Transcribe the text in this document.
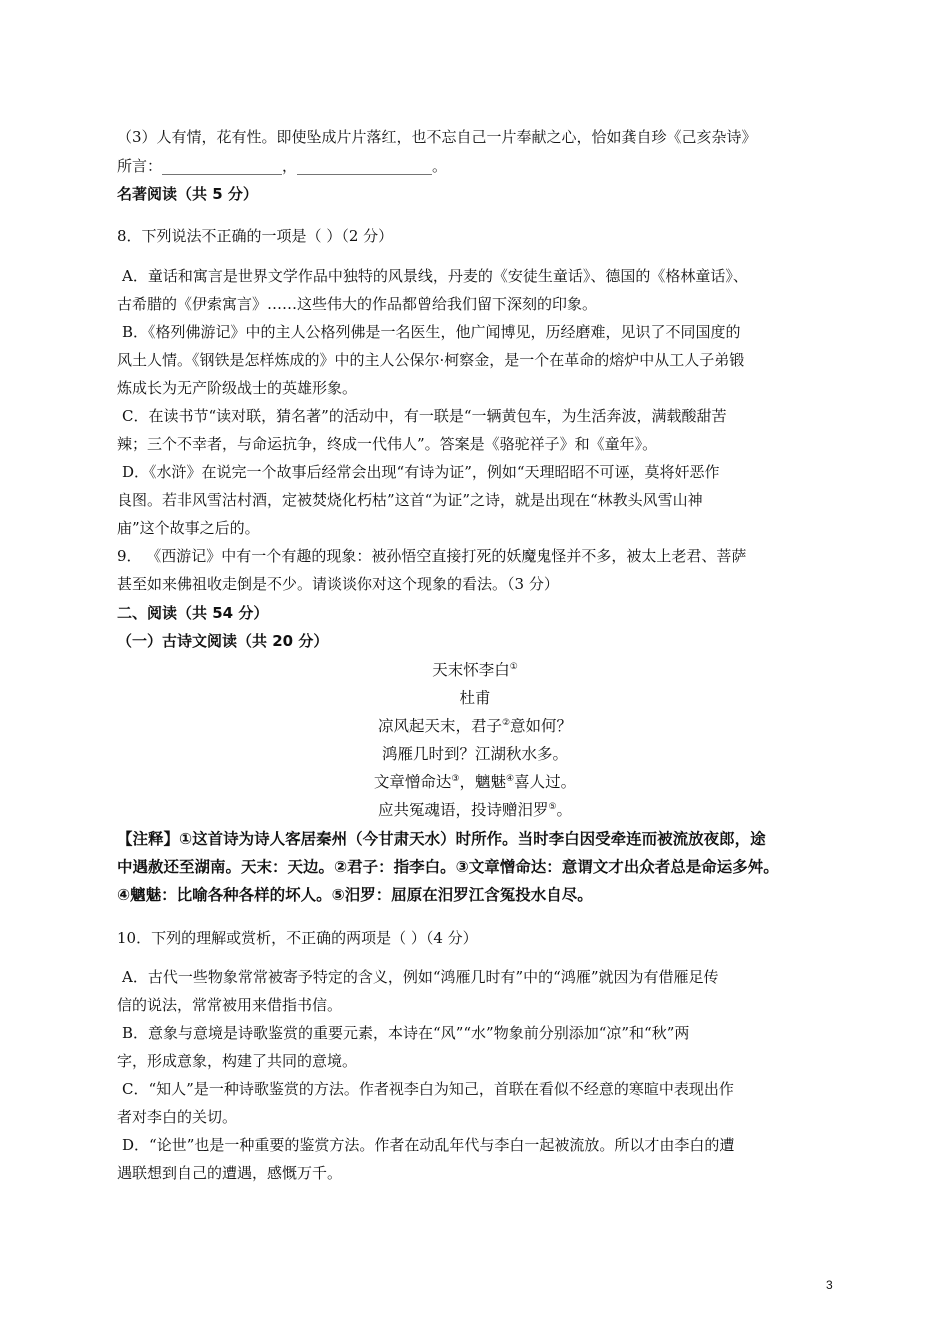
（3）人有情，花有性。即使坠成片片落红，也不忘自己一片奉献之心，恰如龚自珍《己亥杂诗》
所言：________________，__________________。
名著阅读（共 5 分）
8．下列说法不正确的一项是（ ）（2 分）
A．童话和寓言是世界文学作品中独特的风景线，丹麦的《安徒生童话》、德国的《格林童话》、
古希腊的《伊索寓言》……这些伟大的作品都曾给我们留下深刻的印象。
B．《格列佛游记》中的主人公格列佛是一名医生，他广闻博见，历经磨难，见识了不同国度的
风土人情。《钢铁是怎样炼成的》中的主人公保尔·柯察金，是一个在革命的熔炉中从工人子弟锻
炼成长为无产阶级战士的英雄形象。
C．在读书节“读对联，猜名著”的活动中，有一联是“一辆黄包车，为生活奔波，满载酸甜苦
辣；三个不幸者，与命运抗争，终成一代伟人”。答案是《骆驼祥子》和《童年》。
D．《水浒》在说完一个故事后经常会出现“有诗为证”，例如“天理昭昭不可诬，莫将奸恶作
良图。若非风雪沽村酒，定被焚烧化朽枯”这首“为证”之诗，就是出现在“林教头风雪山神
庙”这个故事之后的。
9． 《西游记》中有一个有趣的现象：被孙悟空直接打死的妖魔鬼怪并不多，被太上老君、菩萨
甚至如来佛祖收走倒是不少。请谈谈你对这个现象的看法。（3 分）
二、阅读（共 54 分）
（一）古诗文阅读（共 20 分）
天末怀李白①
杜甫
凉风起天末，君子②意如何？
鸿雁几时到？江湖秋水多。
文章憎命达③，魑魅④喜人过。
应共冤魂语，投诗赠汨罗⑤。
【注释】①这首诗为诗人客居秦州（今甘肃天水）时所作。当时李白因受牵连而被流放夜郎，途
中遇赦还至湖南。天末：天边。②君子：指李白。③文章憎命达：意谓文才出众者总是命运多舛。
④魑魅：比喻各种各样的坏人。⑤汨罗：屈原在汨罗江含冤投水自尽。
10．下列的理解或赏析，不正确的两项是（ ）（4 分）
A．古代一些物象常常被寄予特定的含义，例如“鸿雁几时有”中的“鸿雁”就因为有借雁足传
信的说法，常常被用来借指书信。
B．意象与意境是诗歌鉴赏的重要元素，本诗在“风”“水”物象前分别添加“凉”和“秋”两
字，形成意象，构建了共同的意境。
C．“知人”是一种诗歌鉴赏的方法。作者视李白为知己，首联在看似不经意的寒暄中表现出作
者对李白的关切。
D．“论世”也是一种重要的鉴赏方法。作者在动乱年代与李白一起被流放。所以才由李白的遭
遇联想到自己的遭遇，感慨万千。
3
